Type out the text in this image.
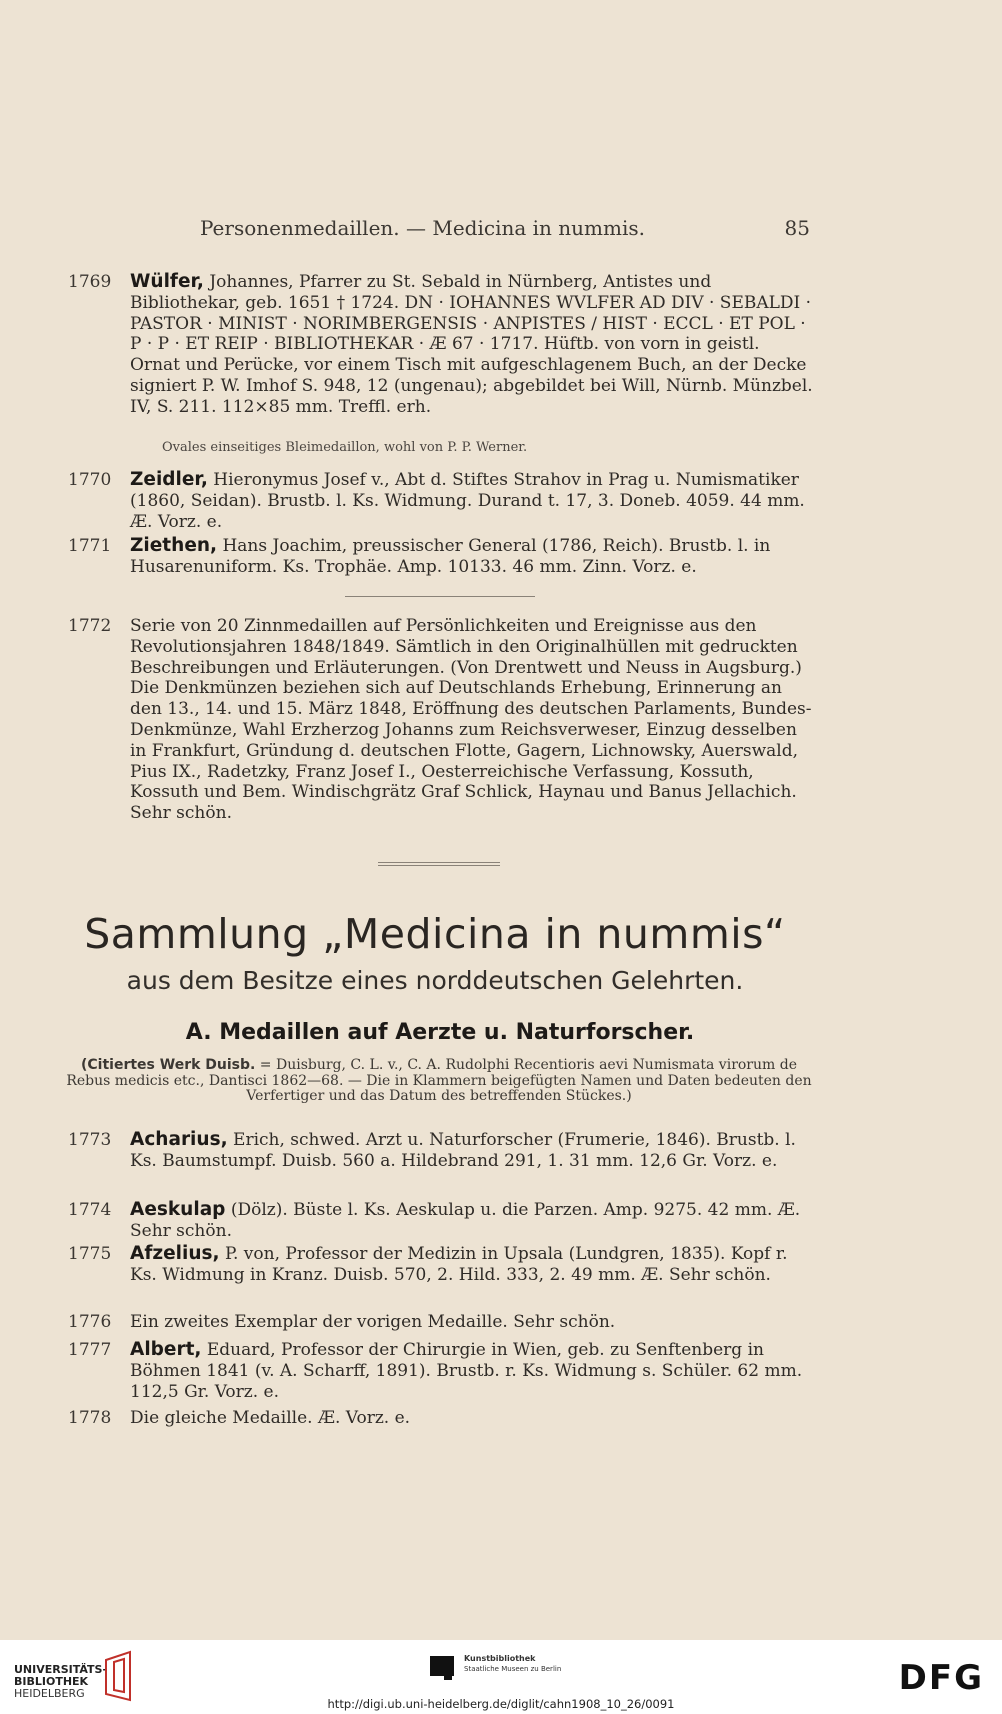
Personenmedaillen. — Medicina in nummis.	85
1769 Wülfer, Johannes, Pfarrer zu St. Sebald in Nürnberg, Antistes und Bibliothekar, geb. 1651 † 1724. DN · IOHANNES WVLFER AD DIV · SEBALDI · PASTOR · MINIST · NORIMBERGENSIS · ANPISTES / HIST · ECCL · ET POL · P · P · ET REIP · BIBLIOTHEKAR · Æ 67 · 1717. Hüftb. von vorn in geistl. Ornat und Perücke, vor einem Tisch mit aufgeschlagenem Buch, an der Decke signiert P. W. Imhof S. 948, 12 (ungenau); abgebildet bei Will, Nürnb. Münzbel. IV, S. 211. 112×85 mm. Treffl. erh.
Ovales einseitiges Bleimedaillon, wohl von P. P. Werner.
1770 Zeidler, Hieronymus Josef v., Abt d. Stiftes Strahov in Prag u. Numismatiker (1860, Seidan). Brustb. l. Ks. Widmung. Durand t. 17, 3. Doneb. 4059. 44 mm. Æ. Vorz. e.
1771 Ziethen, Hans Joachim, preussischer General (1786, Reich). Brustb. l. in Husarenuniform. Ks. Trophäe. Amp. 10133. 46 mm. Zinn. Vorz. e.
1772 Serie von 20 Zinnmedaillen auf Persönlichkeiten und Ereignisse aus den Revolutionsjahren 1848/1849. Sämtlich in den Originalhüllen mit gedruckten Beschreibungen und Erläuterungen. (Von Drentwett und Neuss in Augsburg.) Die Denkmünzen beziehen sich auf Deutschlands Erhebung, Erinnerung an den 13., 14. und 15. März 1848, Eröffnung des deutschen Parlaments, Bundes-Denkmünze, Wahl Erzherzog Johanns zum Reichsverweser, Einzug desselben in Frankfurt, Gründung d. deutschen Flotte, Gagern, Lichnowsky, Auerswald, Pius IX., Radetzky, Franz Josef I., Oesterreichische Verfassung, Kossuth, Kossuth und Bem. Windischgrätz Graf Schlick, Haynau und Banus Jellachich. Sehr schön.
Sammlung „Medicina in nummis“
aus dem Besitze eines norddeutschen Gelehrten.
A. Medaillen auf Aerzte u. Naturforscher.
(Citiertes Werk Duisb. = Duisburg, C. L. v., C. A. Rudolphi Recentioris aevi Numismata virorum de Rebus medicis etc., Dantisci 1862—68. — Die in Klammern beigefügten Namen und Daten bedeuten den Verfertiger und das Datum des betreffenden Stückes.)
1773 Acharius, Erich, schwed. Arzt u. Naturforscher (Frumerie, 1846). Brustb. l. Ks. Baumstumpf. Duisb. 560 a. Hildebrand 291, 1. 31 mm. 12,6 Gr. Vorz. e.
1774 Aeskulap (Dölz). Büste l. Ks. Aeskulap u. die Parzen. Amp. 9275. 42 mm. Æ. Sehr schön.
1775 Afzelius, P. von, Professor der Medizin in Upsala (Lundgren, 1835). Kopf r. Ks. Widmung in Kranz. Duisb. 570, 2. Hild. 333, 2. 49 mm. Æ. Sehr schön.
1776 Ein zweites Exemplar der vorigen Medaille. Sehr schön.
1777 Albert, Eduard, Professor der Chirurgie in Wien, geb. zu Senftenberg in Böhmen 1841 (v. A. Scharff, 1891). Brustb. r. Ks. Widmung s. Schüler. 62 mm. 112,5 Gr. Vorz. e.
1778 Die gleiche Medaille. Æ. Vorz. e.
UNIVERSITÄTS-
BIBLIOTHEK
HEIDELBERG
Kunstbibliothek
Staatliche Museen zu Berlin	DFG
http://digi.ub.uni-heidelberg.de/diglit/cahn1908_10_26/0091
